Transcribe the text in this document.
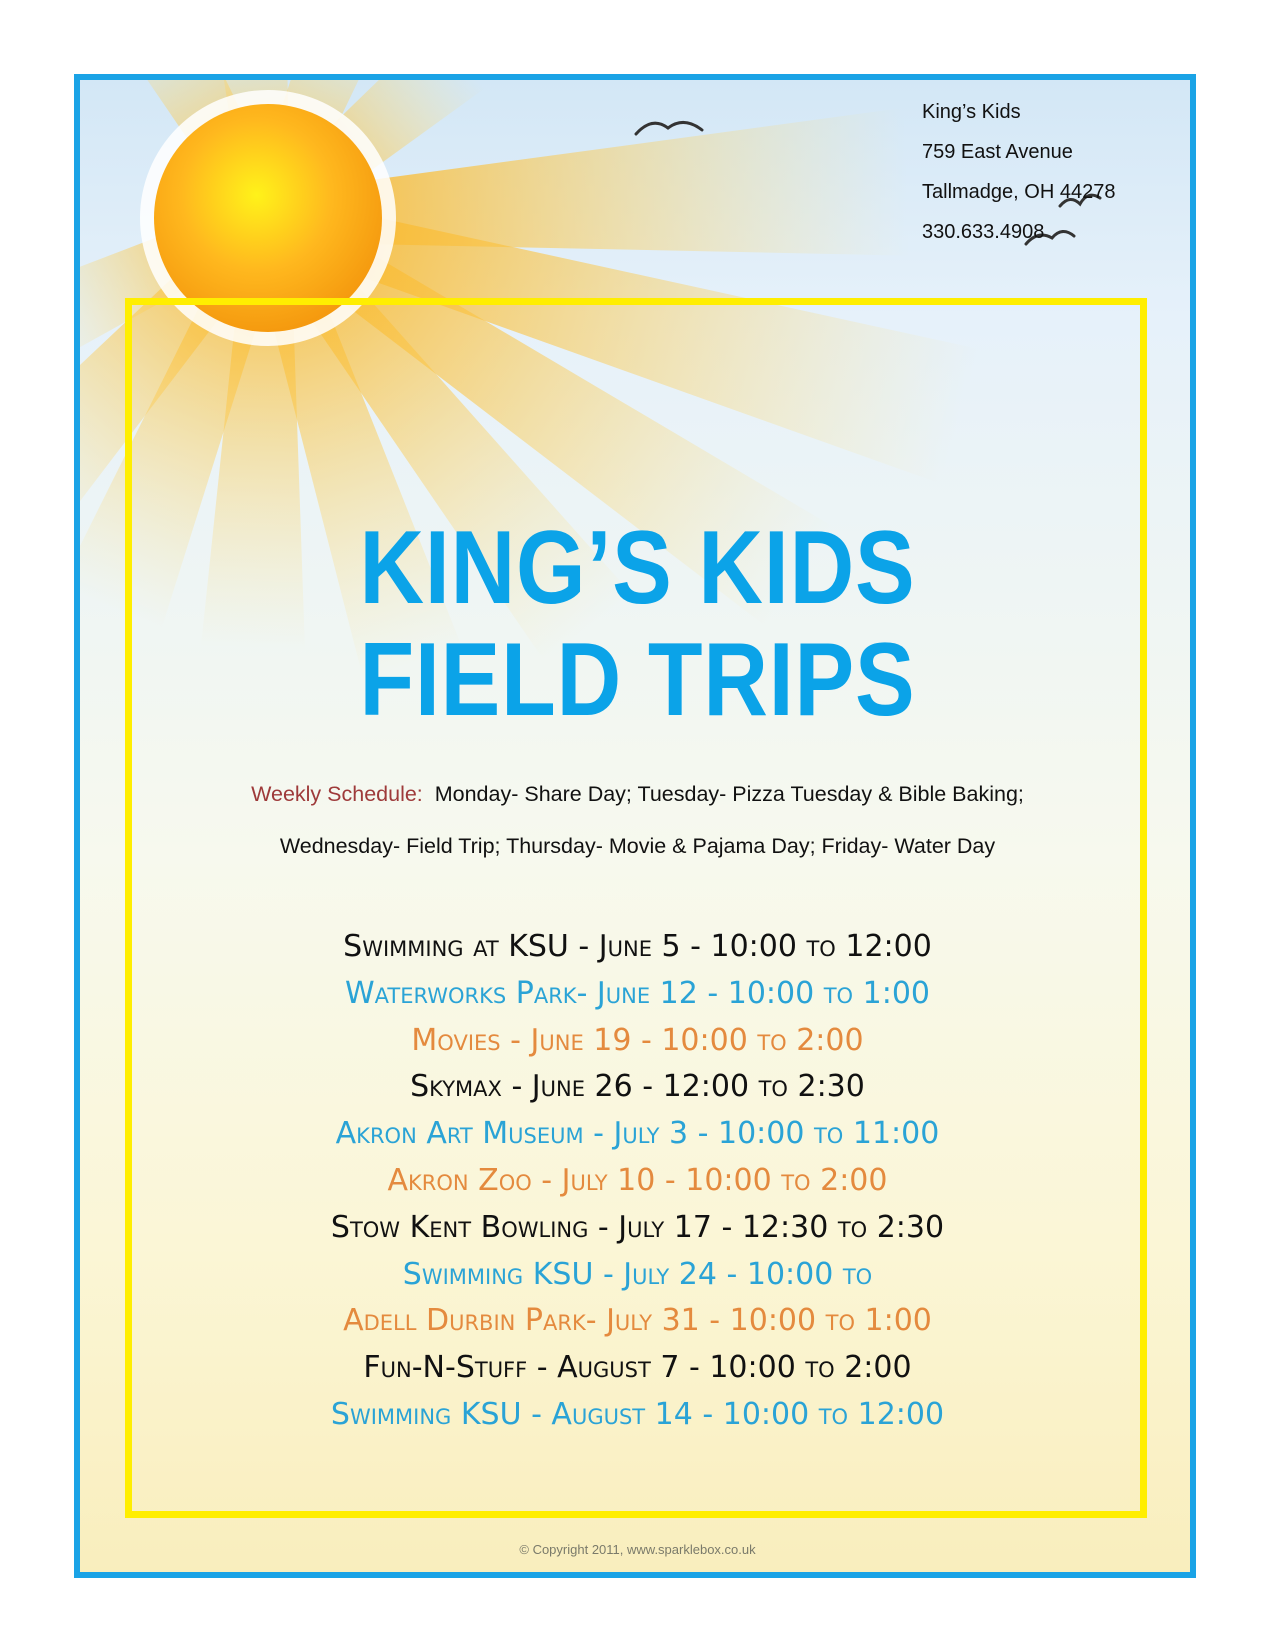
King’s Kids
759 East Avenue
Tallmadge, OH 44278
330.633.4908
KING’S KIDS
FIELD TRIPS
Weekly Schedule: Monday- Share Day; Tuesday- Pizza Tuesday & Bible Baking;
Wednesday- Field Trip; Thursday- Movie & Pajama Day; Friday- Water Day
Swimming at KSU - June 5 - 10:00 to 12:00
Waterworks Park- June 12 - 10:00 to 1:00
Movies - June 19 - 10:00 to 2:00
Skymax - June 26 - 12:00 to 2:30
Akron Art Museum - July 3 - 10:00 to 11:00
Akron Zoo - July 10 - 10:00 to 2:00
Stow Kent Bowling - July 17 - 12:30 to 2:30
Swimming KSU - July 24 - 10:00 to
Adell Durbin Park- July 31 - 10:00 to 1:00
Fun-N-Stuff - August 7 - 10:00 to 2:00
Swimming KSU - August 14 - 10:00 to 12:00
© Copyright 2011, www.sparklebox.co.uk
